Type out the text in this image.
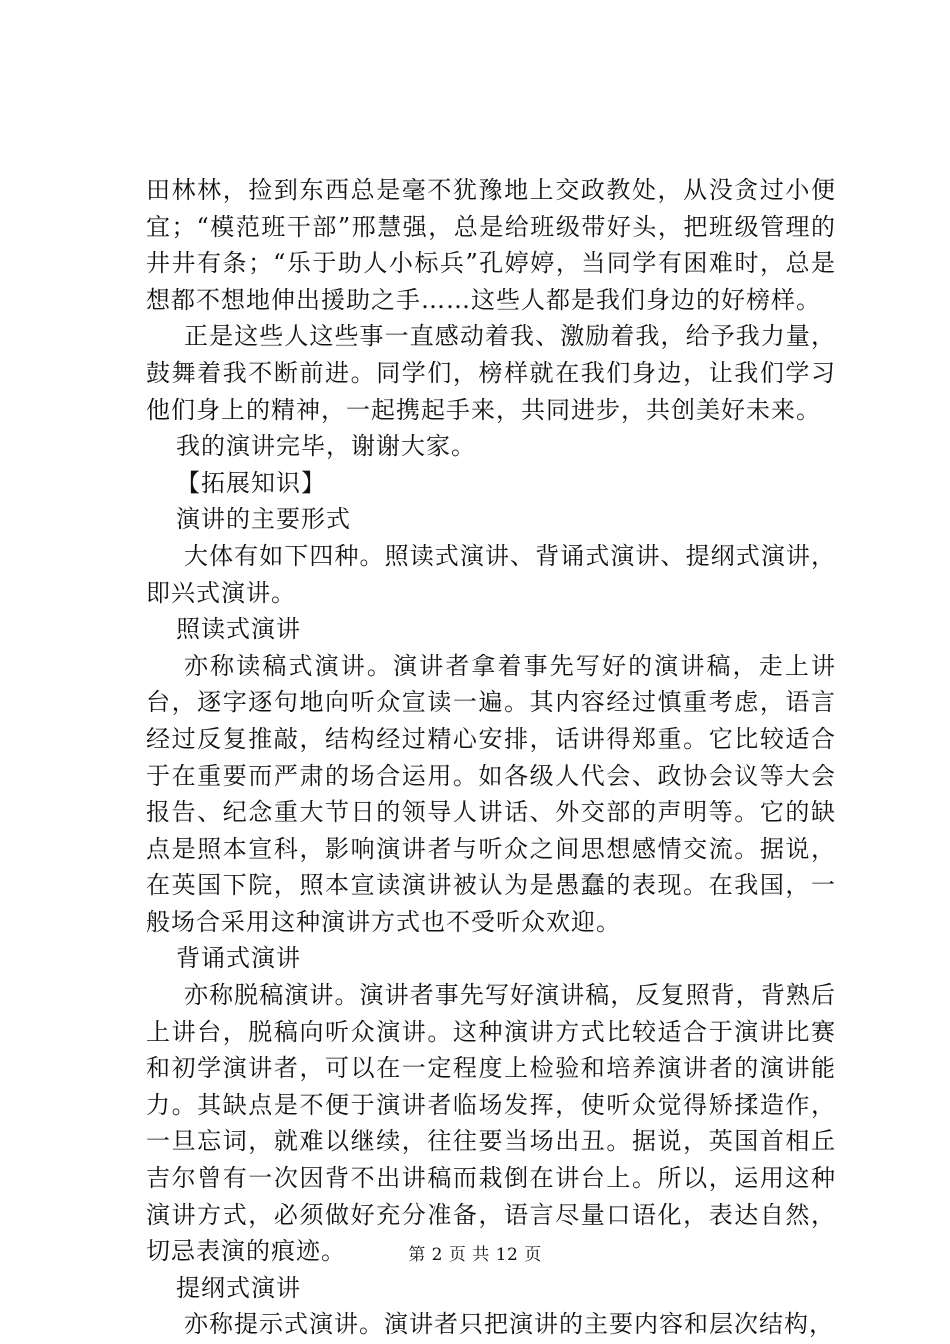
田林林，捡到东西总是毫不犹豫地上交政教处，从没贪过小便宜；“模范班干部”邢慧强，总是给班级带好头，把班级管理的井井有条；“乐于助人小标兵”孔婷婷，当同学有困难时，总是想都不想地伸出援助之手……这些人都是我们身边的好榜样。

正是这些人这些事一直感动着我、激励着我，给予我力量，鼓舞着我不断前进。同学们，榜样就在我们身边，让我们学习他们身上的精神，一起携起手来，共同进步，共创美好未来。

我的演讲完毕，谢谢大家。

【拓展知识】

演讲的主要形式

大体有如下四种。照读式演讲、背诵式演讲、提纲式演讲，即兴式演讲。

照读式演讲

亦称读稿式演讲。演讲者拿着事先写好的演讲稿，走上讲台，逐字逐句地向听众宣读一遍。其内容经过慎重考虑，语言经过反复推敲，结构经过精心安排，话讲得郑重。它比较适合于在重要而严肃的场合运用。如各级人代会、政协会议等大会报告、纪念重大节日的领导人讲话、外交部的声明等。它的缺点是照本宣科，影响演讲者与听众之间思想感情交流。据说，在英国下院，照本宣读演讲被认为是愚蠢的表现。在我国，一般场合采用这种演讲方式也不受听众欢迎。

背诵式演讲

亦称脱稿演讲。演讲者事先写好演讲稿，反复照背，背熟后上讲台，脱稿向听众演讲。这种演讲方式比较适合于演讲比赛和初学演讲者，可以在一定程度上检验和培养演讲者的演讲能力。其缺点是不便于演讲者临场发挥，使听众觉得矫揉造作，一旦忘词，就难以继续，往往要当场出丑。据说，英国首相丘吉尔曾有一次因背不出讲稿而栽倒在讲台上。所以，运用这种演讲方式，必须做好充分准备，语言尽量口语化，表达自然，切忌表演的痕迹。

提纲式演讲

亦称提示式演讲。演讲者只把演讲的主要内容和层次结构，

第 2 页 共 12 页
